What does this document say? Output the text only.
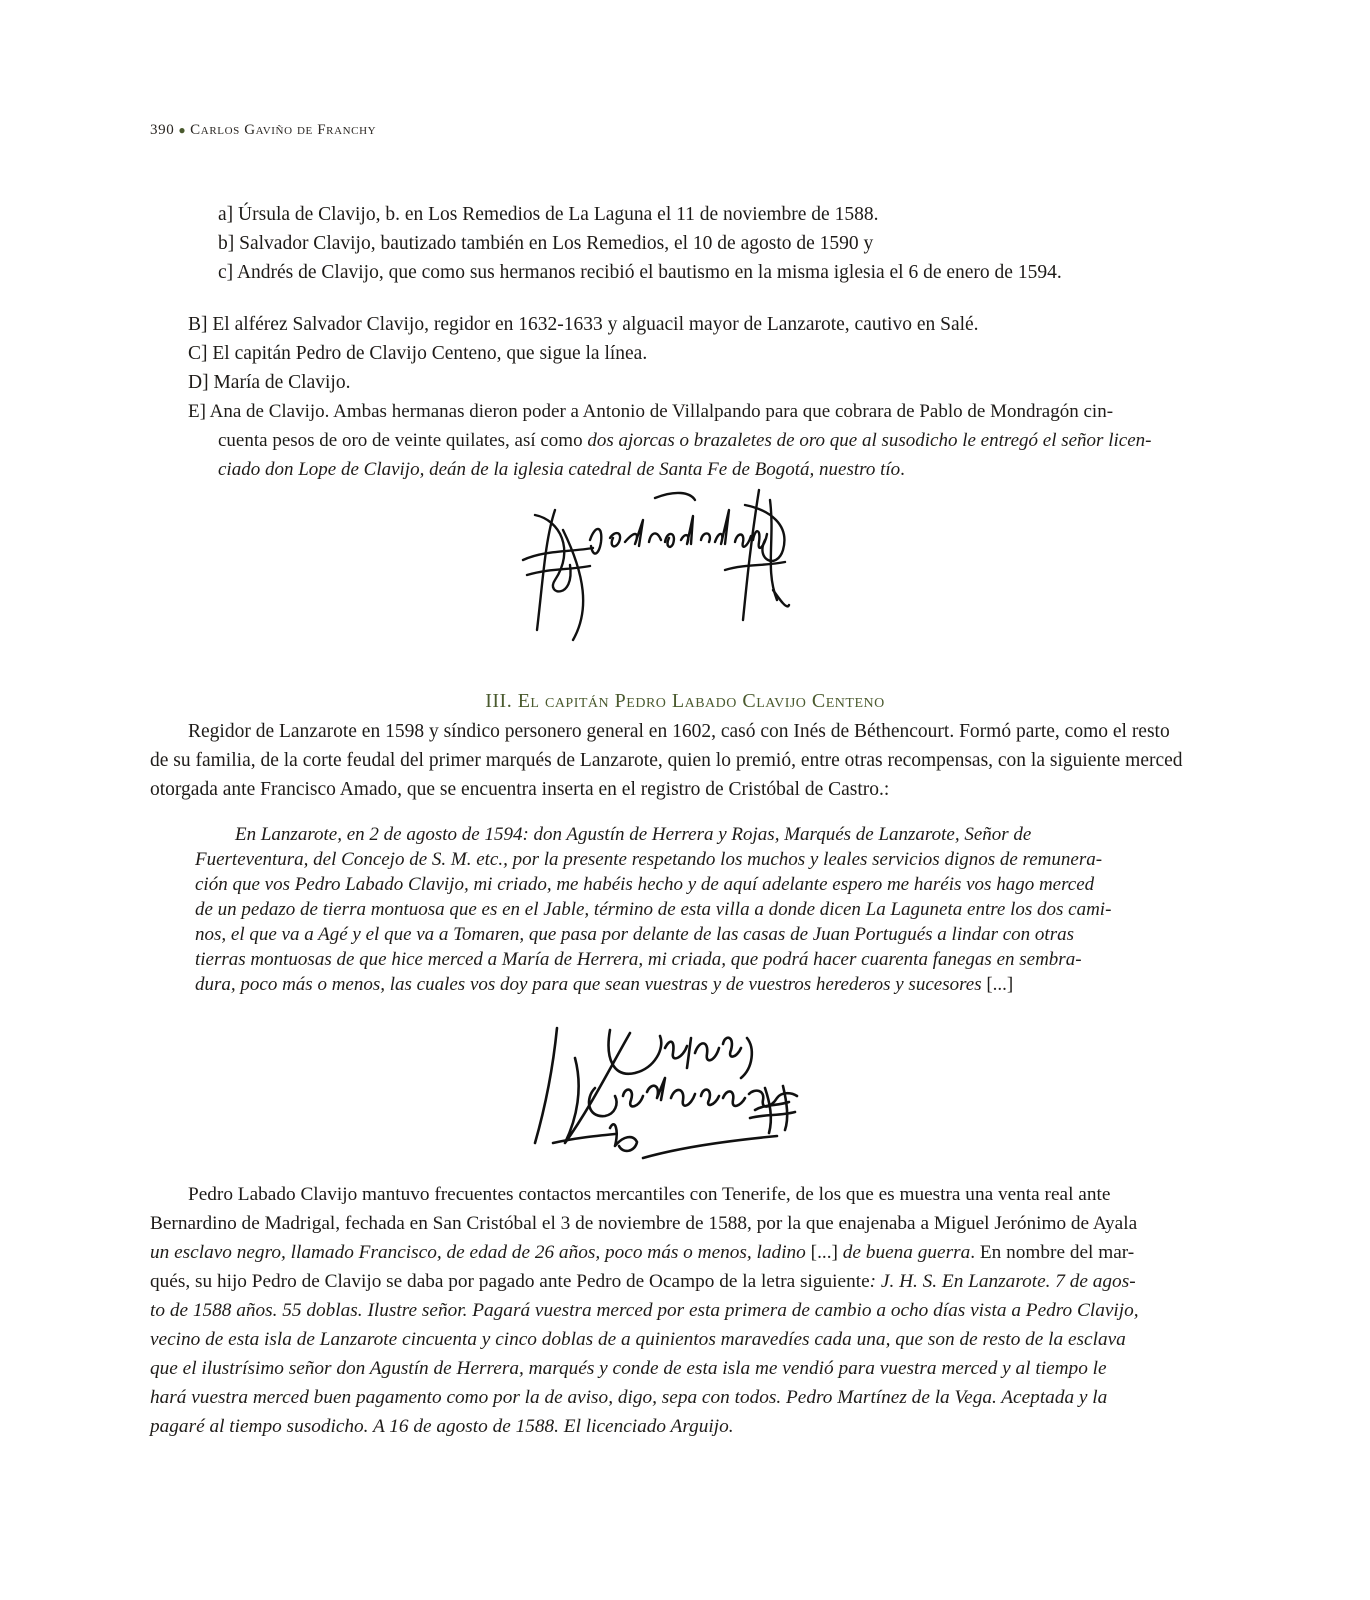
390 ● Carlos Gaviño de Franchy
a] Úrsula de Clavijo, b. en Los Remedios de La Laguna el 11 de noviembre de 1588.
b] Salvador Clavijo, bautizado también en Los Remedios, el 10 de agosto de 1590 y
c] Andrés de Clavijo, que como sus hermanos recibió el bautismo en la misma iglesia el 6 de enero de 1594.
B] El alférez Salvador Clavijo, regidor en 1632-1633 y alguacil mayor de Lanzarote, cautivo en Salé.
C] El capitán Pedro de Clavijo Centeno, que sigue la línea.
D] María de Clavijo.
E] Ana de Clavijo. Ambas hermanas dieron poder a Antonio de Villalpando para que cobrara de Pablo de Mondragón cin-
cuenta pesos de oro de veinte quilates, así como dos ajorcas o brazaletes de oro que al susodicho le entregó el señor licen-
ciado don Lope de Clavijo, deán de la iglesia catedral de Santa Fe de Bogotá, nuestro tío.
III. El capitán Pedro Labado Clavijo Centeno
Regidor de Lanzarote en 1598 y síndico personero general en 1602, casó con Inés de Béthencourt. Formó parte, como el resto
de su familia, de la corte feudal del primer marqués de Lanzarote, quien lo premió, entre otras recompensas, con la siguiente merced
otorgada ante Francisco Amado, que se encuentra inserta en el registro de Cristóbal de Castro.:
En Lanzarote, en 2 de agosto de 1594: don Agustín de Herrera y Rojas, Marqués de Lanzarote, Señor de
Fuerteventura, del Concejo de S. M. etc., por la presente respetando los muchos y leales servicios dignos de remunera-
ción que vos Pedro Labado Clavijo, mi criado, me habéis hecho y de aquí adelante espero me haréis vos hago merced
de un pedazo de tierra montuosa que es en el Jable, término de esta villa a donde dicen La Laguneta entre los dos cami-
nos, el que va a Agé y el que va a Tomaren, que pasa por delante de las casas de Juan Portugués a lindar con otras
tierras montuosas de que hice merced a María de Herrera, mi criada, que podrá hacer cuarenta fanegas en sembra-
dura, poco más o menos, las cuales vos doy para que sean vuestras y de vuestros herederos y sucesores [...]
Pedro Labado Clavijo mantuvo frecuentes contactos mercantiles con Tenerife, de los que es muestra una venta real ante
Bernardino de Madrigal, fechada en San Cristóbal el 3 de noviembre de 1588, por la que enajenaba a Miguel Jerónimo de Ayala
un esclavo negro, llamado Francisco, de edad de 26 años, poco más o menos, ladino [...] de buena guerra. En nombre del mar-
qués, su hijo Pedro de Clavijo se daba por pagado ante Pedro de Ocampo de la letra siguiente: J. H. S. En Lanzarote. 7 de agos-
to de 1588 años. 55 doblas. Ilustre señor. Pagará vuestra merced por esta primera de cambio a ocho días vista a Pedro Clavijo,
vecino de esta isla de Lanzarote cincuenta y cinco doblas de a quinientos maravedíes cada una, que son de resto de la esclava
que el ilustrísimo señor don Agustín de Herrera, marqués y conde de esta isla me vendió para vuestra merced y al tiempo le
hará vuestra merced buen pagamento como por la de aviso, digo, sepa con todos. Pedro Martínez de la Vega. Aceptada y la
pagaré al tiempo susodicho. A 16 de agosto de 1588. El licenciado Arguijo.
